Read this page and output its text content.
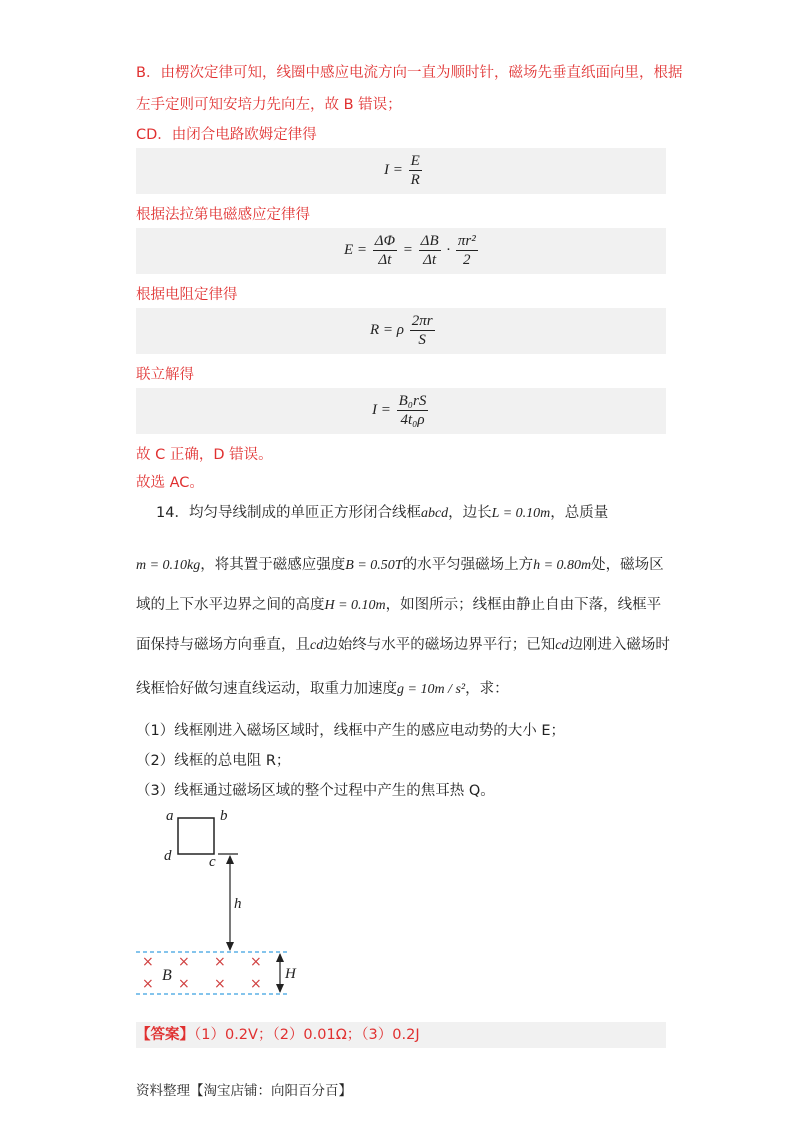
B．由楞次定律可知，线圈中感应电流方向一直为顺时针，磁场先垂直纸面向里，根据
左手定则可知安培力先向左，故 B 错误；
CD．由闭合电路欧姆定律得
$I = \frac{E}{R}$
根据法拉第电磁感应定律得
$E = \frac{\Delta\Phi}{\Delta t} = \frac{\Delta B}{\Delta t} \cdot \frac{\text{πr²}}{2}$
根据电阻定律得
R = ρ $\frac{2\pi r}{S}$
联立解得
$I = \frac{\text{B₀rS}}{\text{4t₀ρ}}$
故 C 正确，D 错误。
故选 AC。
14．均匀导线制成的单匝正方形闭合线框abcd，边长L = 0.10m，总质量
m = 0.10kg，将其置于磁感应强度B = 0.50T的水平匀强磁场上方h = 0.80m处，磁场区
域的上下水平边界之间的高度H = 0.10m，如图所示；线框由静止自由下落，线框平
面保持与磁场方向垂直，且cd边始终与水平的磁场边界平行；已知cd边刚进入磁场时
线框恰好做匀速直线运动，取重力加速度g = 10m / s²，求：
（1）线框刚进入磁场区域时，线框中产生的感应电动势的大小 E；
（2）线框的总电阻 R；
（3）线框通过磁场区域的整个过程中产生的焦耳热 Q。
a	b
d	c
h
× × × ×
× × × ×
B	H
【答案】（1）0.2V；（2）0.01Ω；（3）0.2J
资料整理【淘宝店铺：向阳百分百】
